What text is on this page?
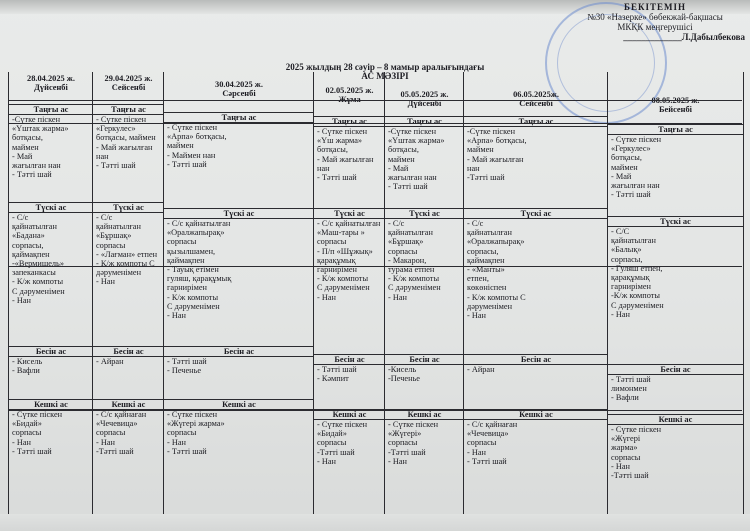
БЕКІТЕМІН
№30 «Назерке» бөбекжай-бақшасы
МКҚК меңгерушісі
_____________Л.Дабылбекова
2025 жылдың 28 сәуір – 8 мамыр аралығындағы
АС МӘЗІРІ
28.04.2025 ж.
Дүйсенбі
Таңғы ас
-Сүтке піскен
«Үштак жарма»
ботқасы,
маймен
- Май
жағылған нан
- Тәтті шай
Түскі ас
- С/с
қайнатылған
«Бадана»
сорпасы,
қаймақпен
-«Вермишель»
запеканкасы
- К/ж компоты
С дәруменімен
- Нан
Бесін ас
- Кисель
- Вафли
Кешкі ас
- Сүтке піскен
«Бидай»
сорпасы
- Нан
- Тәтті шай
29.04.2025 ж.
Сейсенбі
Таңғы ас
- Сүтке піскен
«Геркулес»
ботқасы, маймен
- Май жағылған
нан
- Тәтті шай
Түскі ас
- С/с
қайнатылған
«Бұршақ»
сорпасы
- «Лағман» етпен
- К/ж компоты С
дәруменімен
- Нан
Бесін ас
- Айран
Кешкі ас
- С/с қайнаған
«Чечевица»
сорпасы
- Нан
-Тәтті шай
30.04.2025 ж.
Сәрсенбі
Таңғы ас
- Сүтке піскен
«Арпа» ботқасы,
маймен
- Маймен нан
- Тәтті шай
Түскі ас
- С/с қайнатылған
«Оралжапырақ»
сорпасы
қызылшамен,
қаймақпен
- Тауық етімен
гуляш, қарақұмық
гарнирімен
- К/ж компоты
С дәруменімен
- Нан
Бесін ас
- Тәтті шай
- Печенье
Кешкі ас
- Сүтке піскен
«Жүгері жарма»
сорпасы
- Нан
- Тәтті шай
02.05.2025 ж.
Жұма
Таңғы ас
- Сүтке піскен
«Үш жарма»
ботқасы,
- Май жағылған
нан
- Тәтті шай
Түскі ас
- С/с қайнатылған
«Маш-тары »
сорпасы
- П/п «Шұжық»
қарақұмық
гарнирімен
- К/ж компоты
С дәруменімен
- Нан
Бесін ас
- Тәтті шай
- Кәмпит
Кешкі ас
- Сүтке піскен
«Бидай»
сорпасы
-Тәтті шай
- Нан
05.05.2025 ж.
Дүйсенбі
Таңғы ас
-Сүтке піскен
«Үштак жарма»
ботқасы,
маймен
- Май
жағылған нан
- Тәтті шай
Түскі ас
- С/с
қайнатылған
«Бұршақ»
сорпасы
- Макарон,
турама етпен
- К/ж компоты
С дәруменімен
- Нан
Бесін ас
-Кисель
-Печенье
Кешкі ас
- Сүтке піскен
«Жүгері»
сорпасы
-Тәтті шай
- Нан
06.05.2025ж.
Сейсенбі
Таңғы ас
-Сүтке піскен
«Арпа» ботқасы,
маймен
- Май жағылған
нан
-Тәтті шай
Түскі ас
- С/с
қайнатылған
«Оралжапырақ»
сорпасы,
қаймақпен
- «Манты»
етпен,
көкөніспен
- К/ж компоты С
дәруменімен
- Нан
Бесін ас
- Айран
Кешкі ас
- С/с қайнаған
«Чечевица»
сорпасы
- Нан
- Тәтті шай
08.05.2025 ж.
Бейсенбі
Таңғы ас
- Сүтке піскен
«Геркулес»
ботқасы,
маймен
- Май
жағылған нан
- Тәтті шай
Түскі ас
- С/С
қайнатылған
«Балық»
сорпасы,
- Гуляш етпен,
қарақұмық
гарнирімен
-К/ж компоты
С дәруменімен
- Нан
Бесін ас
- Тәтті шай
лимонмен
- Вафли
Кешкі ас
- Сүтке піскен
«Жүгері
жарма»
сорпасы
- Нан
-Тәтті шай
